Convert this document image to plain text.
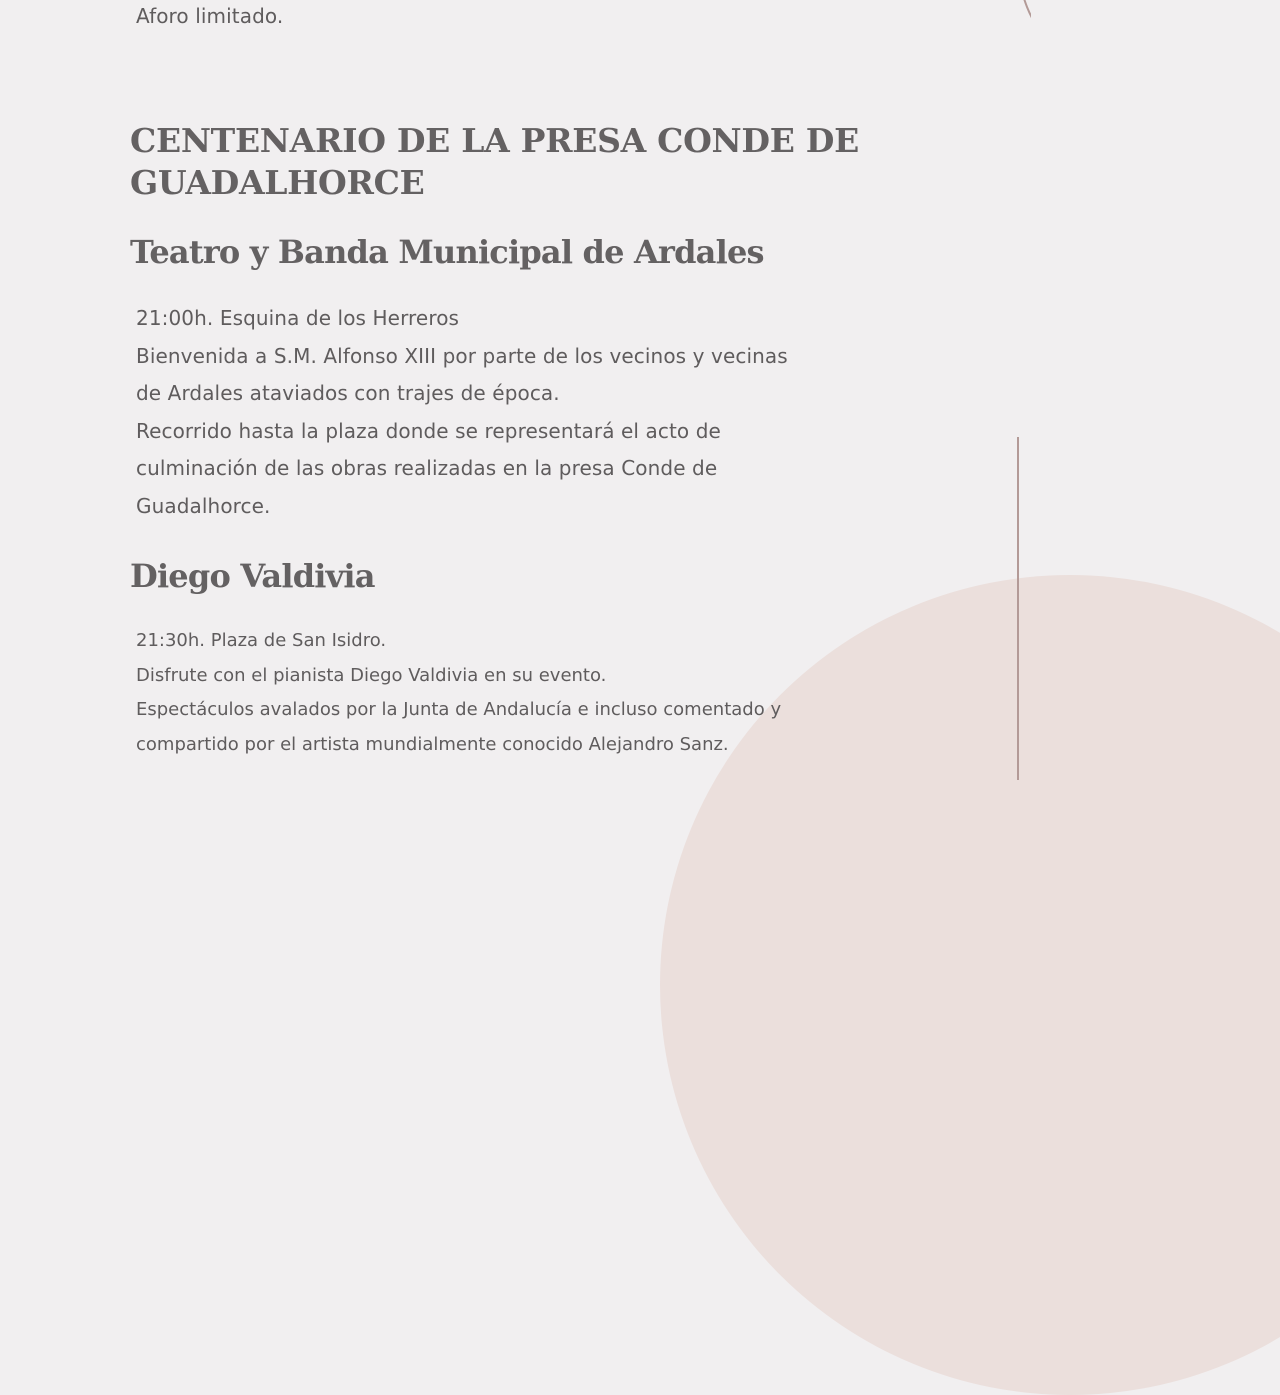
Aforo limitado.
CENTENARIO DE LA PRESA CONDE DE
GUADALHORCE
Teatro y Banda Municipal de Ardales
21:00h. Esquina de los Herreros
Bienvenida a S.M. Alfonso XIII por parte de los vecinos y vecinas
de Ardales ataviados con trajes de época.
Recorrido hasta la plaza donde se representará el acto de
culminación de las obras realizadas en la presa Conde de
Guadalhorce.
Diego Valdivia
21:30h. Plaza de San Isidro.
Disfrute con el pianista Diego Valdivia en su evento.
Espectáculos avalados por la Junta de Andalucía e incluso comentado y
compartido por el artista mundialmente conocido Alejandro Sanz.
